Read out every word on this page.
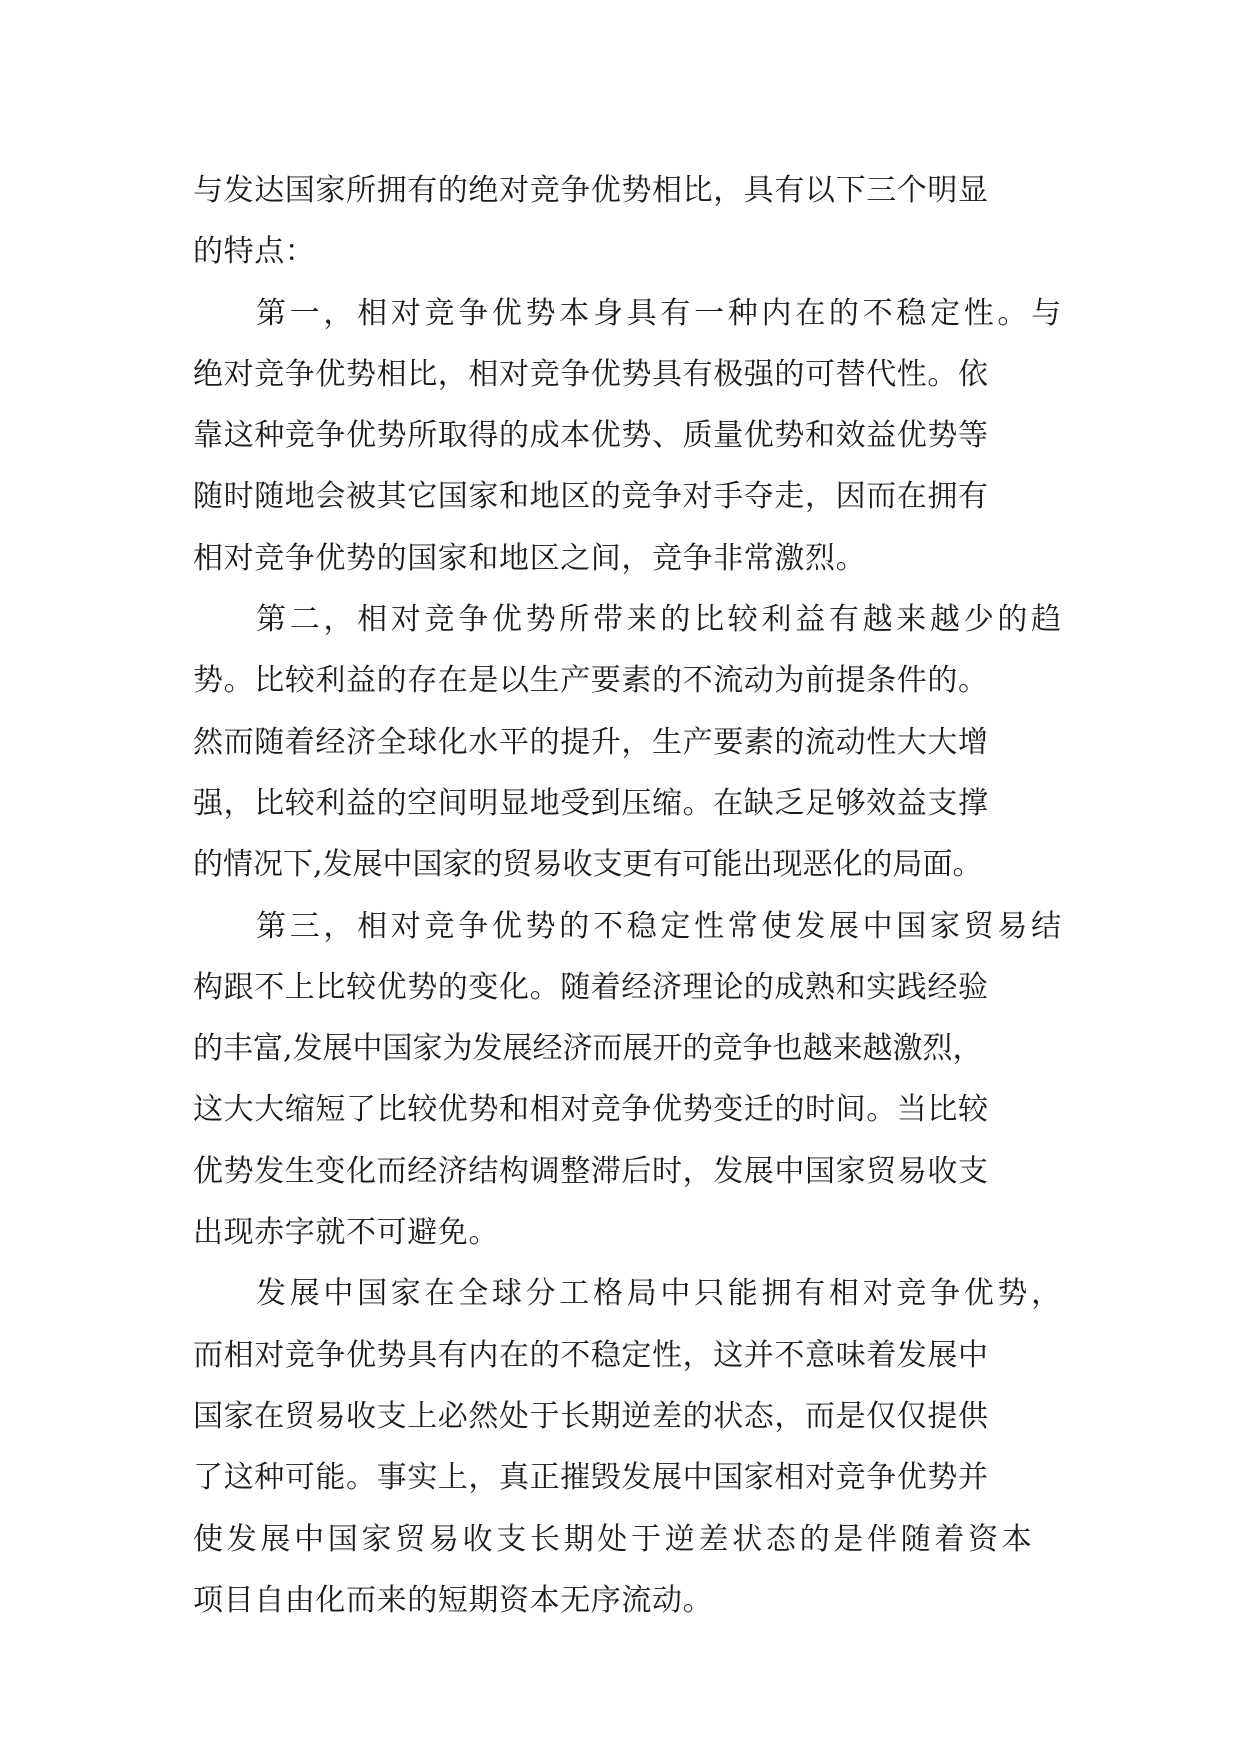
与发达国家所拥有的绝对竞争优势相比，具有以下三个明显
的特点：
第一，相对竞争优势本身具有一种内在的不稳定性。与
绝对竞争优势相比，相对竞争优势具有极强的可替代性。依
靠这种竞争优势所取得的成本优势、质量优势和效益优势等
随时随地会被其它国家和地区的竞争对手夺走，因而在拥有
相对竞争优势的国家和地区之间，竞争非常激烈。
第二，相对竞争优势所带来的比较利益有越来越少的趋
势。比较利益的存在是以生产要素的不流动为前提条件的。
然而随着经济全球化水平的提升，生产要素的流动性大大增
强，比较利益的空间明显地受到压缩。在缺乏足够效益支撑
的情况下,发展中国家的贸易收支更有可能出现恶化的局面。
第三，相对竞争优势的不稳定性常使发展中国家贸易结
构跟不上比较优势的变化。随着经济理论的成熟和实践经验
的丰富,发展中国家为发展经济而展开的竞争也越来越激烈，
这大大缩短了比较优势和相对竞争优势变迁的时间。当比较
优势发生变化而经济结构调整滞后时，发展中国家贸易收支
出现赤字就不可避免。
发展中国家在全球分工格局中只能拥有相对竞争优势，
而相对竞争优势具有内在的不稳定性，这并不意味着发展中
国家在贸易收支上必然处于长期逆差的状态，而是仅仅提供
了这种可能。事实上，真正摧毁发展中国家相对竞争优势并
使发展中国家贸易收支长期处于逆差状态的是伴随着资本
项目自由化而来的短期资本无序流动。
